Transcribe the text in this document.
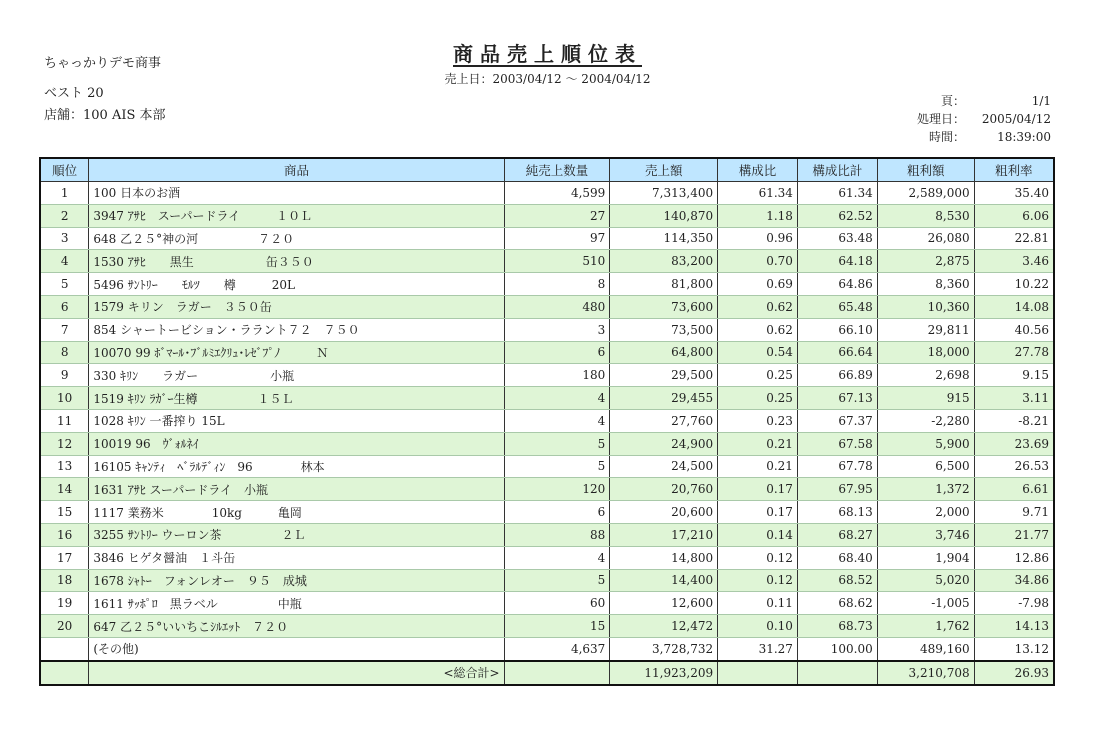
ちゃっかりデモ商事
ベスト 20
店舗：100 AIS 本部
商品売上順位表
売上日：2003/04/12 ～ 2004/04/12
頁：	1/1
処理日：	2005/04/12
時間：	18:39:00
順位	商品	純売上数量	売上額	構成比	構成比計	粗利額	粗利率
1	100 日本のお酒	4,599	7,313,400	61.34	61.34	2,589,000	35.40
2	3947 ｱｻﾋ　スーパードライ　　　１０Ｌ	27	140,870	1.18	62.52	8,530	6.06
3	648 乙２５°神の河　　　　　７２０	97	114,350	0.96	63.48	26,080	22.81
4	1530 ｱｻﾋ　　黒生　　　　　　缶３５０	510	83,200	0.70	64.18	2,875	3.46
5	5496 ｻﾝﾄﾘｰ　　ﾓﾙﾂ　　樽　　　20L	8	81,800	0.69	64.86	8,360	10.22
6	1579 キリン　ラガー　３５０缶	480	73,600	0.62	65.48	10,360	14.08
7	854 シャートービション・ララント７２　７５０	3	73,500	0.62	66.10	29,811	40.56
8	10070 99 ﾎﾞﾏｰﾙ･ﾌﾞﾙﾐｴｸﾘｭ･ﾚｾﾞﾌﾟﾉ　　　Ｎ	6	64,800	0.54	66.64	18,000	27.78
9	330 ｷﾘﾝ　　ラガー　　　　　　小瓶	180	29,500	0.25	66.89	2,698	9.15
10	1519 ｷﾘﾝ ﾗｶﾞｰ生樽　　　　　１５Ｌ	4	29,455	0.25	67.13	915	3.11
11	1028 ｷﾘﾝ 一番搾り 15L	4	27,760	0.23	67.37	-2,280	-8.21
12	10019 96　ｳﾞｫﾙﾈｲ	5	24,900	0.21	67.58	5,900	23.69
13	16105 ｷｬﾝﾃｨ　ﾍﾞﾗﾙﾃﾞｨﾝ　96　　　　林本	5	24,500	0.21	67.78	6,500	26.53
14	1631 ｱｻﾋ スーパードライ　小瓶	120	20,760	0.17	67.95	1,372	6.61
15	1117 業務米　　　　10kg　　　亀岡	6	20,600	0.17	68.13	2,000	9.71
16	3255 ｻﾝﾄﾘｰ ウーロン茶　　　　　２Ｌ	88	17,210	0.14	68.27	3,746	21.77
17	3846 ヒゲタ醤油　１斗缶	4	14,800	0.12	68.40	1,904	12.86
18	1678 ｼｬﾄｰ　フォンレオー　９５　成城	5	14,400	0.12	68.52	5,020	34.86
19	1611 ｻｯﾎﾟﾛ　黒ラベル　　　　　中瓶	60	12,600	0.11	68.62	-1,005	-7.98
20	647 乙２５°いいちこｼﾙｴｯﾄ　７２０	15	12,472	0.10	68.73	1,762	14.13
	(その他)	4,637	3,728,732	31.27	100.00	489,160	13.12
	<総合計>		11,923,209			3,210,708	26.93
